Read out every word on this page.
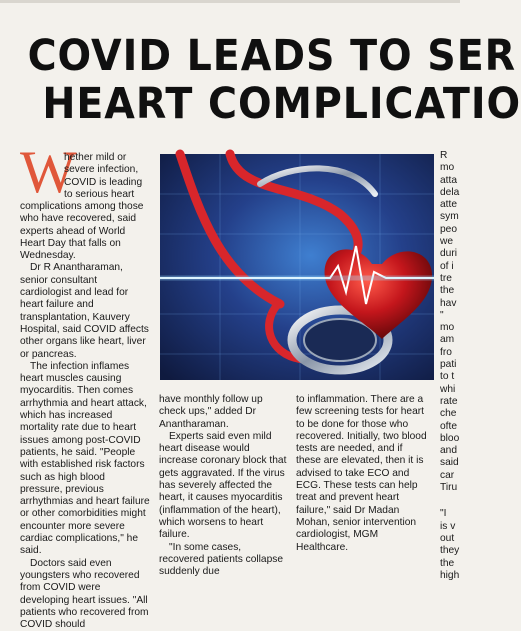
COVID LEADS TO SER
HEART COMPLICATIO
W
hether mild or severe infection, COVID is leading to serious heart

complications among those who have recovered, said experts ahead of World Heart Day that falls on Wednesday.

Dr R Anantharaman, senior consultant cardiologist and lead for heart failure and transplantation, Kauvery Hospital, said COVID affects other organs like heart, liver or pancreas.

The infection inflames heart muscles causing myocarditis. Then comes arrhythmia and heart attack, which has increased mortality rate due to heart issues among post-COVID patients, he said. "People with established risk factors such as high blood pressure, previous arrhythmias and heart failure or other comorbidities might encounter more severe cardiac complications," he said.

Doctors said even youngsters who recovered from COVID were developing heart issues. "All patients who recovered from COVID should

have monthly follow up check ups," added Dr Anantharaman.

Experts said even mild heart disease would increase coronary block that gets aggravated. If the virus has severely affected the heart, it causes myocarditis (inflammation of the heart), which worsens to heart failure.

"In some cases, recovered patients collapse suddenly due

to inflammation. There are a few screening tests for heart to be done for those who recovered. Initially, two blood tests are needed, and if these are elevated, then it is advised to take ECO and ECG. These tests can help treat and prevent heart failure," said Dr Madan Mohan, senior intervention cardiologist, MGM Healthcare.

R
mo
atta
dela
atte
sym
peo
we
duri
of i
tre
the
hav
"
mo
am
fro
pati
to t
whi
rate
che
ofte
bloo
and
said
car
Tiru
"I
is v
out
they
the
high
